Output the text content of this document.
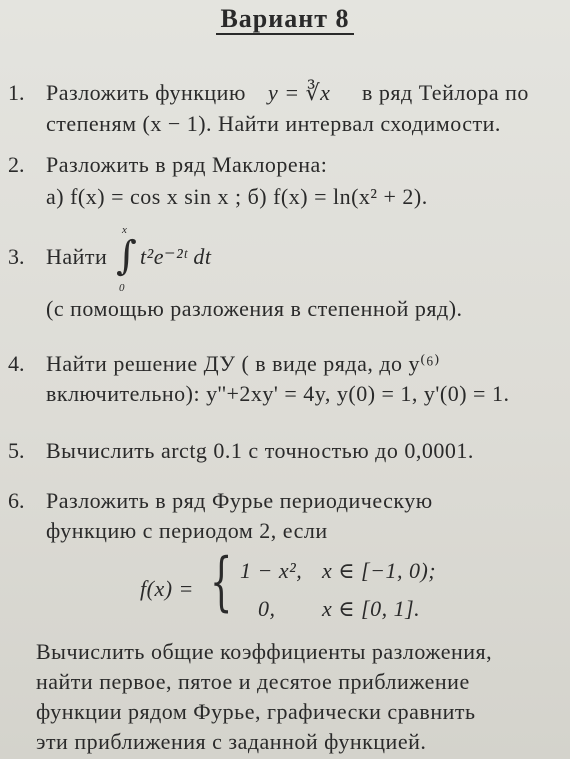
Вариант 8
1. Разложить функцию y = ∛x в ряд Тейлора по
степеням (x − 1). Найти интервал сходимости.
2. Разложить в ряд Маклорена:
а) f(x) = cos x sin x ; б) f(x) = ln(x² + 2).
3. Найти
x
∫
0
t²e⁻²ᵗ dt
(с помощью разложения в степенной ряд).
4. Найти решение ДУ ( в виде ряда, до y⁽⁶⁾
включительно): y''+2xy' = 4y, y(0) = 1, y'(0) = 1.
5. Вычислить arctg 0.1 с точностью до 0,0001.
6. Разложить в ряд Фурье периодическую
функцию с периодом 2, если
f(x) = { 1 − x², x ∈ [−1, 0);
0, x ∈ [0, 1].
Вычислить общие коэффициенты разложения,
найти первое, пятое и десятое приближение
функции рядом Фурье, графически сравнить
эти приближения с заданной функцией.
